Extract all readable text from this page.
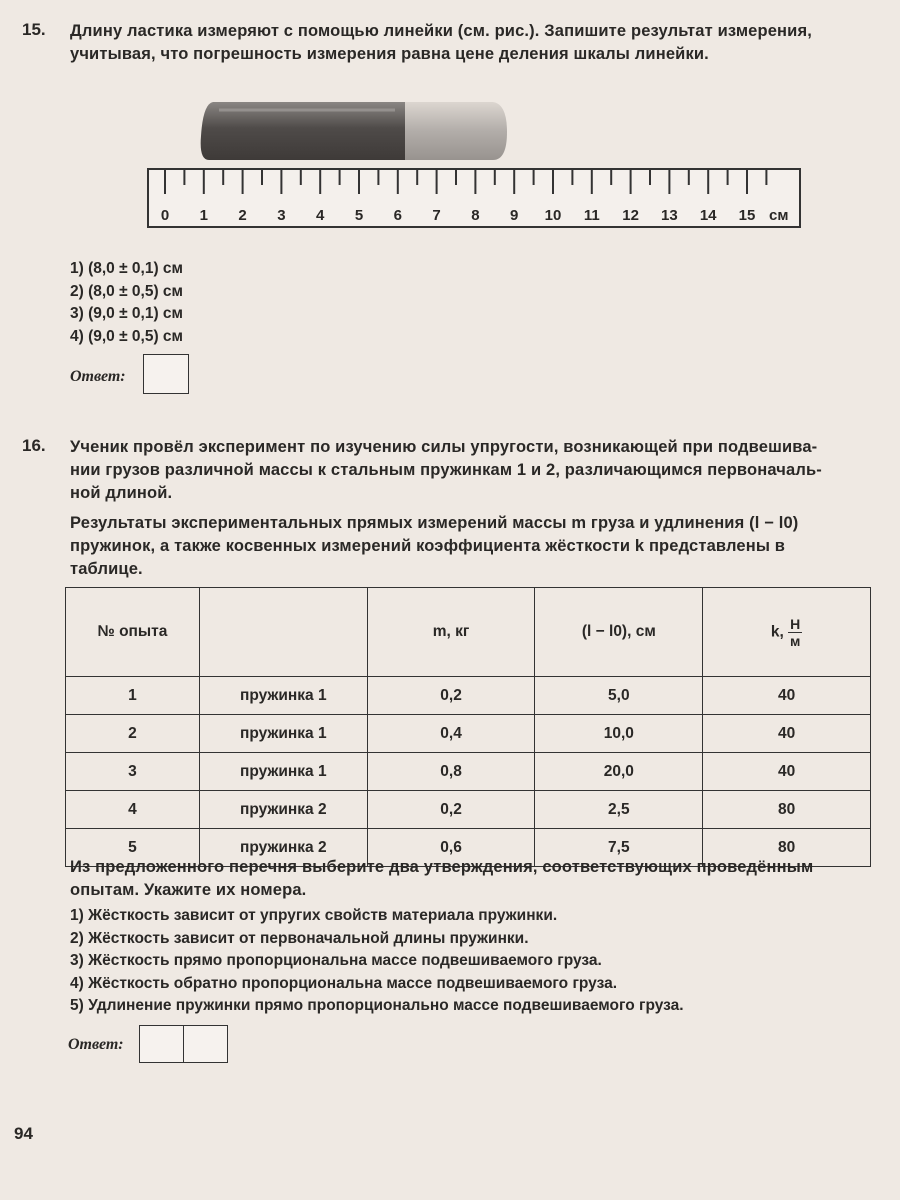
15. Длину ластика измеряют с помощью линейки (см. рис.). Запишите результат измерения,
учитывая, что погрешность измерения равна цене деления шкалы линейки.
0 1 2 3 4 5 6 7 8 9 10 11 12 13 14 15 см
1) (8,0 ± 0,1) см
2) (8,0 ± 0,5) см
3) (9,0 ± 0,1) см
4) (9,0 ± 0,5) см
Ответ:
16. Ученик провёл эксперимент по изучению силы упругости, возникающей при подвешива-
нии грузов различной массы к стальным пружинкам 1 и 2, различающимся первоначаль-
ной длиной.
Результаты экспериментальных прямых измерений массы m груза и удлинения (l − l0)
пружинок, а также косвенных измерений коэффициента жёсткости k представлены в
таблице.
№ опыта		m, кг	(l − l0), см	k, $\frac{Н}{м}$

1	пружинка 1	0,2	5,0	40
2	пружинка 1	0,4	10,0	40
3	пружинка 1	0,8	20,0	40
4	пружинка 2	0,2	2,5	80
5	пружинка 2	0,6	7,5	80
Из предложенного перечня выберите два утверждения, соответствующих проведённым
опытам. Укажите их номера.
1) Жёсткость зависит от упругих свойств материала пружинки.
2) Жёсткость зависит от первоначальной длины пружинки.
3) Жёсткость прямо пропорциональна массе подвешиваемого груза.
4) Жёсткость обратно пропорциональна массе подвешиваемого груза.
5) Удлинение пружинки прямо пропорционально массе подвешиваемого груза.
Ответ:
94
